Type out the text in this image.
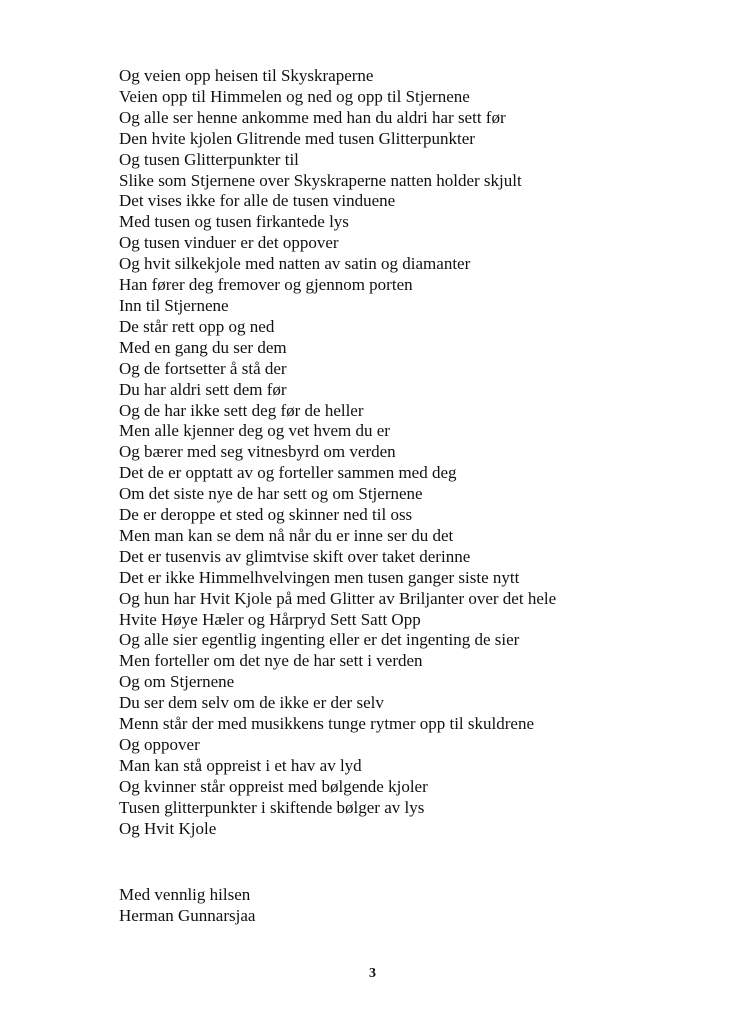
Og veien opp heisen til Skyskraperne
Veien opp til Himmelen og ned og opp til Stjernene
Og alle ser henne ankomme med han du aldri har sett før
Den hvite kjolen Glitrende med tusen Glitterpunkter
Og tusen Glitterpunkter til
Slike som Stjernene over Skyskraperne natten holder skjult
Det vises ikke for alle de tusen vinduene
Med tusen og tusen firkantede lys
Og tusen vinduer er det oppover
Og hvit silkekjole med natten av satin og diamanter
Han fører deg fremover og gjennom porten
Inn til Stjernene
De står rett opp og ned
Med en gang du ser dem
Og de fortsetter å stå der
Du har aldri sett dem før
Og de har ikke sett deg før de heller
Men alle kjenner deg og vet hvem du er
Og bærer med seg vitnesbyrd om verden
Det de er opptatt av og forteller sammen med deg
Om det siste nye de har sett og om Stjernene
De er deroppe et sted og skinner ned til oss
Men man kan se dem nå når du er inne ser du det
Det er tusenvis av glimtvise skift over taket derinne
Det er ikke Himmelhvelvingen men tusen ganger siste nytt
Og hun har Hvit Kjole på med Glitter av Briljanter over det hele
Hvite Høye Hæler og Hårpryd Sett Satt Opp
Og alle sier egentlig ingenting eller er det ingenting de sier
Men forteller om det nye de har sett i verden
Og om Stjernene
Du ser dem selv om de ikke er der selv
Menn står der med musikkens tunge rytmer opp til skuldrene
Og oppover
Man kan stå oppreist i et hav av lyd
Og kvinner står oppreist med bølgende kjoler
Tusen glitterpunkter i skiftende bølger av lys
Og Hvit Kjole
Med vennlig hilsen
Herman Gunnarsjaa
3
